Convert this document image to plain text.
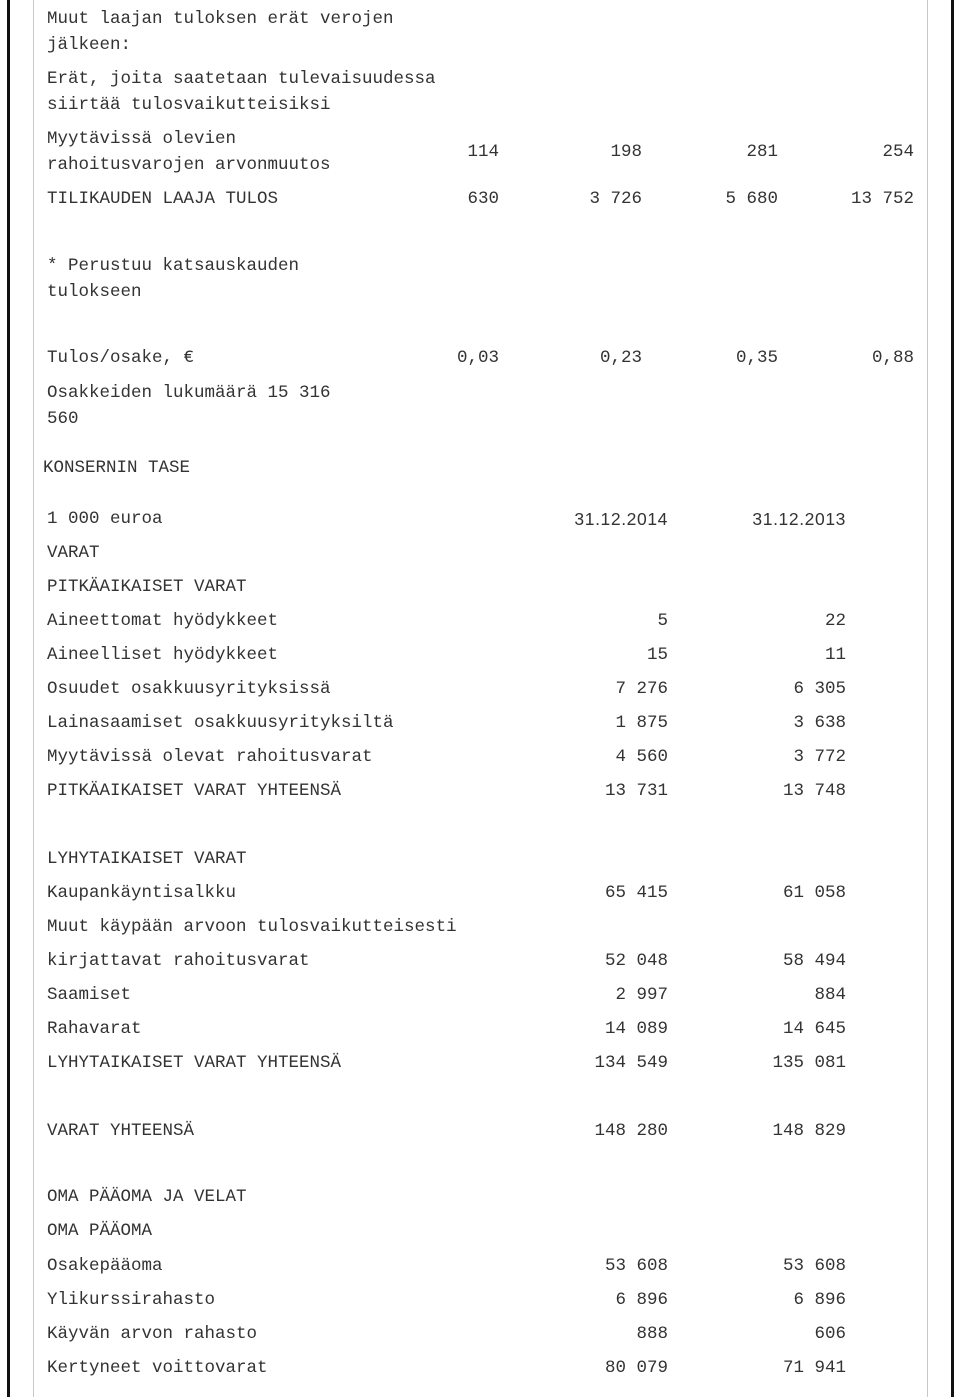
Muut laajan tuloksen erät verojen
jälkeen:
Erät, joita saatetaan tulevaisuudessa
siirtää tulosvaikutteisiksi
Myytävissä olevien
rahoitusvarojen arvonmuutos
114	198	281	254
TILIKAUDEN LAAJA TULOS	630	3 726	5 680	13 752
* Perustuu katsauskauden
tulokseen
Tulos/osake, €	0,03	0,23	0,35	0,88
Osakkeiden lukumäärä 15 316
560
KONSERNIN TASE
1 000 euroa	31.12.2014	31.12.2013
VARAT
PITKÄAIKAISET VARAT
Aineettomat hyödykkeet	5	22
Aineelliset hyödykkeet	15	11
Osuudet osakkuusyrityksissä	7 276	6 305
Lainasaamiset osakkuusyrityksiltä	1 875	3 638
Myytävissä olevat rahoitusvarat	4 560	3 772
PITKÄAIKAISET VARAT YHTEENSÄ	13 731	13 748
LYHYTAIKAISET VARAT
Kaupankäyntisalkku	65 415	61 058
Muut käypään arvoon tulosvaikutteisesti
kirjattavat rahoitusvarat	52 048	58 494
Saamiset	2 997	884
Rahavarat	14 089	14 645
LYHYTAIKAISET VARAT YHTEENSÄ	134 549	135 081
VARAT YHTEENSÄ	148 280	148 829
OMA PÄÄOMA JA VELAT
OMA PÄÄOMA
Osakepääoma	53 608	53 608
Ylikurssirahasto	6 896	6 896
Käyvän arvon rahasto	888	606
Kertyneet voittovarat	80 079	71 941
